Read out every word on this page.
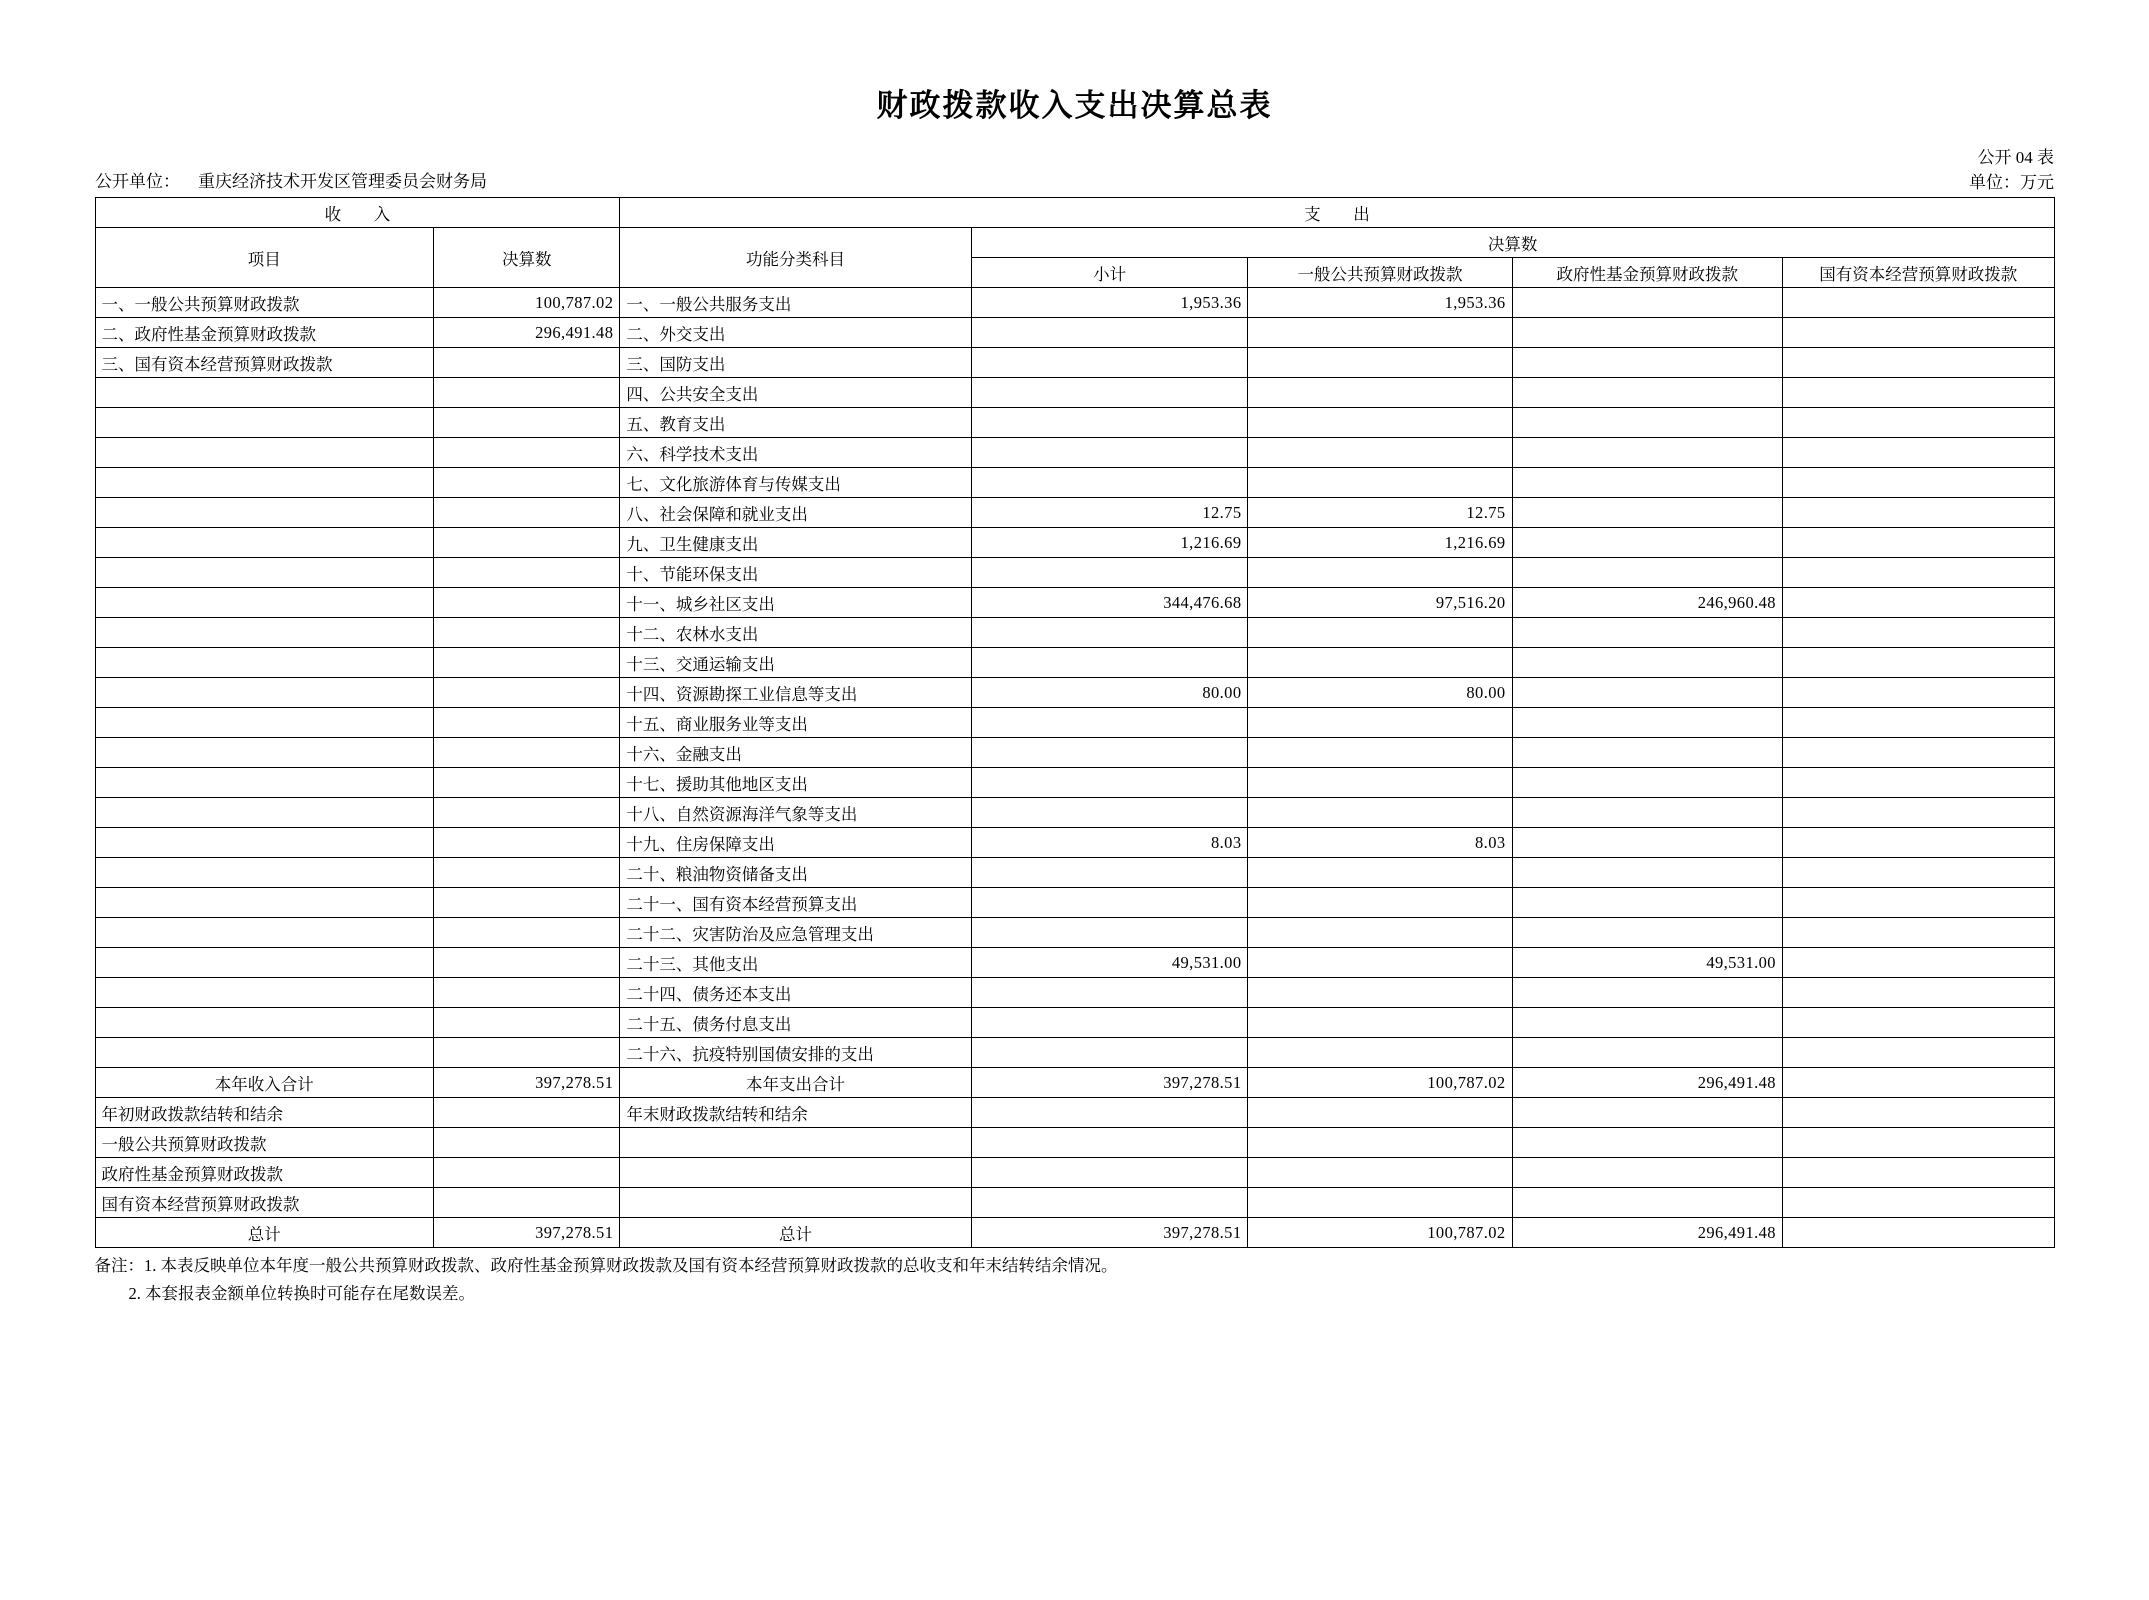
财政拨款收入支出决算总表
公开单位： 重庆经济技术开发区管理委员会财务局
公开 04 表
单位：万元
收 入		支 出				
项目	决算数	功能分类科目	决算数			
			小计	一般公共预算财政拨款	政府性基金预算财政拨款	国有资本经营预算财政拨款
一、一般公共预算财政拨款	100,787.02	一、一般公共服务支出	1,953.36	1,953.36		
二、政府性基金预算财政拨款	296,491.48	二、外交支出				
三、国有资本经营预算财政拨款		三、国防支出				
		四、公共安全支出				
		五、教育支出				
		六、科学技术支出				
		七、文化旅游体育与传媒支出				
		八、社会保障和就业支出	12.75	12.75		
		九、卫生健康支出	1,216.69	1,216.69		
		十、节能环保支出				
		十一、城乡社区支出	344,476.68	97,516.20	246,960.48	
		十二、农林水支出				
		十三、交通运输支出				
		十四、资源勘探工业信息等支出	80.00	80.00		
		十五、商业服务业等支出				
		十六、金融支出				
		十七、援助其他地区支出				
		十八、自然资源海洋气象等支出				
		十九、住房保障支出	8.03	8.03		
		二十、粮油物资储备支出				
		二十一、国有资本经营预算支出				
		二十二、灾害防治及应急管理支出				
		二十三、其他支出	49,531.00		49,531.00	
		二十四、债务还本支出				
		二十五、债务付息支出				
		二十六、抗疫特别国债安排的支出				
本年收入合计	397,278.51	本年支出合计	397,278.51	100,787.02	296,491.48	
年初财政拨款结转和结余		年末财政拨款结转和结余				
一般公共预算财政拨款						
政府性基金预算财政拨款						
国有资本经营预算财政拨款						
总计	397,278.51	总计	397,278.51	100,787.02	296,491.48	
备注：1. 本表反映单位本年度一般公共预算财政拨款、政府性基金预算财政拨款及国有资本经营预算财政拨款的总收支和年末结转结余情况。
2. 本套报表金额单位转换时可能存在尾数误差。
